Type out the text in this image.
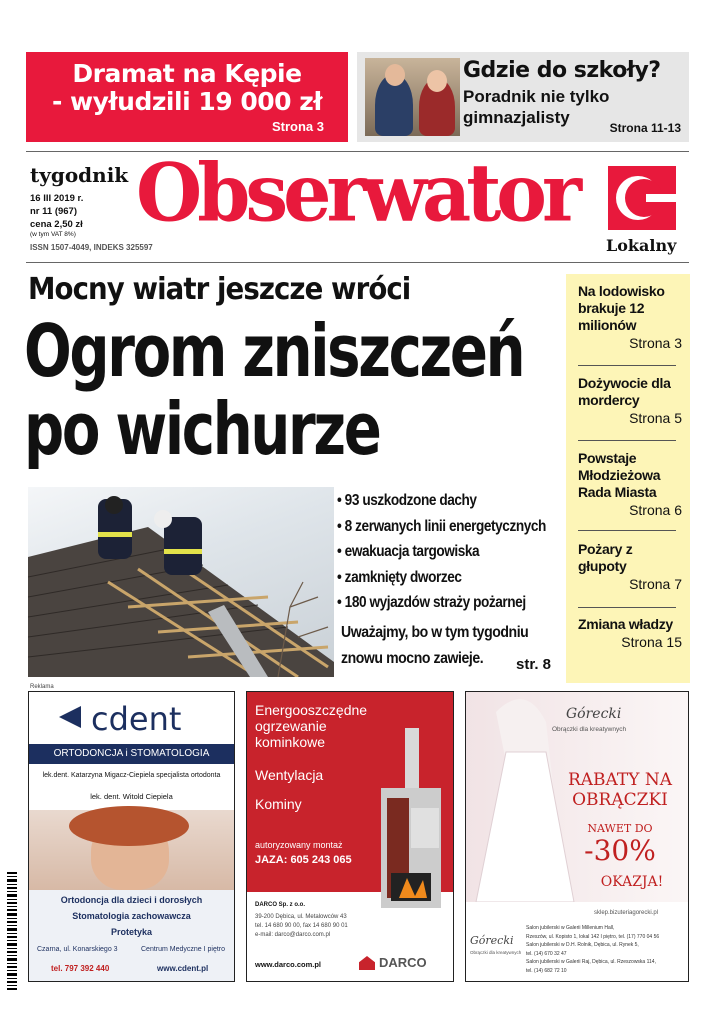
Dramat na Kępie
- wyłudzili 19 000 zł
Strona 3
Gdzie do szkoły?
Poradnik nie tylko
gimnazjalisty
Strona 11-13
tygodnik
16 III 2019 r.
nr 11 (967)
cena 2,50 zł
(w tym VAT 8%)
ISSN 1507-4049, INDEKS 325597
Obserwator
Lokalny
Mocny wiatr jeszcze wróci
Ogrom zniszczeń
po wichurze
• 93 uszkodzone dachy
• 8 zerwanych linii energetycznych
• ewakuacja targowiska
• zamknięty dworzec
• 180 wyjazdów straży pożarnej
Uważajmy, bo w tym tygodniu
znowu mocno zawieje.	str. 8
Na lodowisko brakuje 12 milionów
Strona 3
Dożywocie dla mordercy
Strona 5
Powstaje Młodzieżowa Rada Miasta
Strona 6
Pożary z głupoty
Strona 7
Zmiana władzy
Strona 15
Reklama
cdent
ORTODONCJA i STOMATOLOGIA
lek.dent. Katarzyna Migacz-Ciepiela specjalista ortodonta
lek. dent. Witold Ciepiela
Ortodoncja dla dzieci i dorosłych
Stomatologia zachowawcza
Protetyka
Czarna, ul. Konarskiego 3	Centrum Medyczne I piętro
tel. 797 392 440	www.cdent.pl
Energooszczędne
ogrzewanie
kominkowe
Wentylacja
Kominy
autoryzowany montaż
JAZA: 605 243 065
DARCO Sp. z o.o.
39-200 Dębica, ul. Metalowców 43
tel. 14 680 90 00, fax 14 680 90 01
e-mail: darco@darco.com.pl
www.darco.com.pl	DARCO
Górecki
Obrączki dla kreatywnych
RABATY NA
OBRĄCZKI
NAWET DO
-30%
OKAZJA!
sklep.bizuteriagorecki.pl
Górecki
Obrączki dla kreatywnych
Salon jubilerski w Galerii Millenium Hall,
Rzeszów, ul. Kopisto 1, lokal 142 I piętro, tel. (17) 770 04 56
Salon jubilerski w D.H. Rolnik, Dębica, ul. Rynek 5,
tel. (14) 670 32 47
Salon jubilerski w Galerii Raj, Dębica, ul. Rzeszowska 114,
tel. (14) 682 72 10
